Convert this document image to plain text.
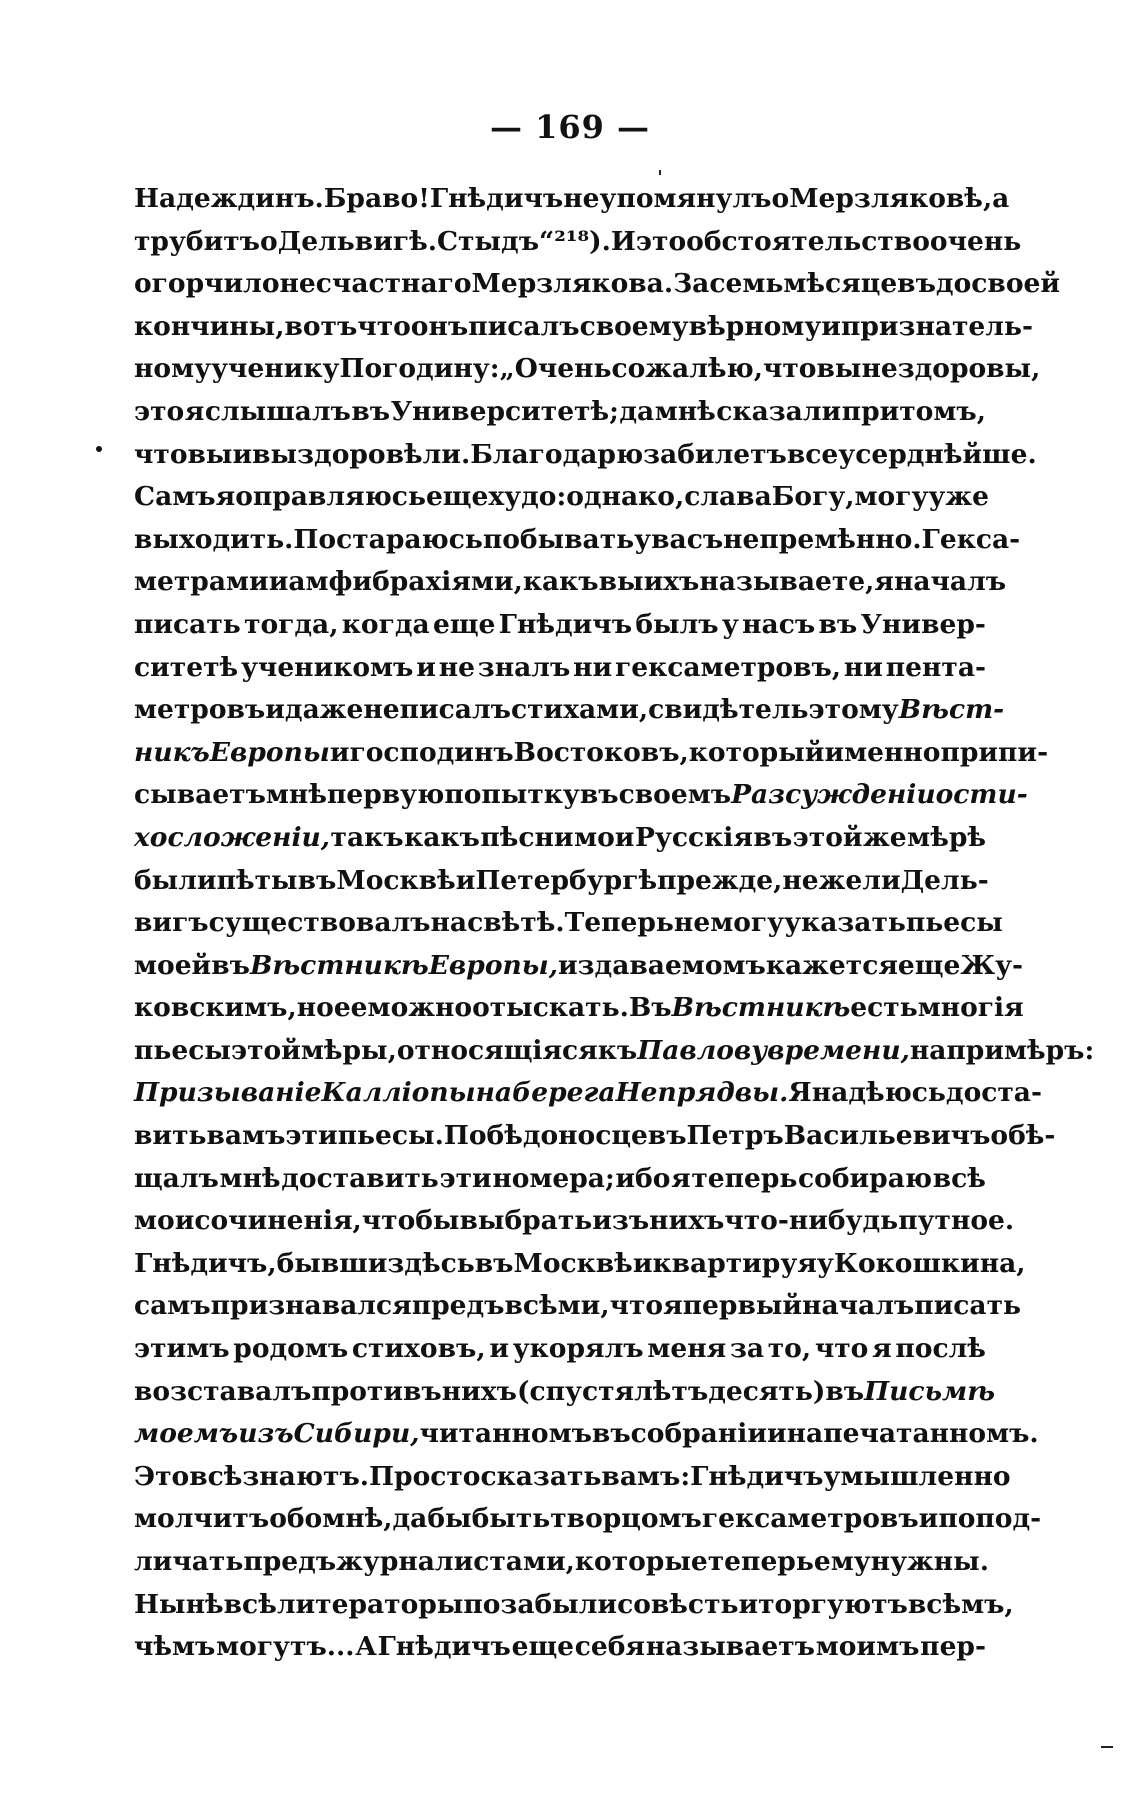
— 169 —
Надеждинъ. Браво! Гнѣдичъ не упомянулъ о Мерзляковѣ, а
трубитъ о Дельвигѣ. Стыдъ“ ²¹⁸). И это обстоятельство очень
огорчило несчастнаго Мерзлякова. За семь мѣсяцевъ до своей
кончины, вотъ что онъ писалъ своему вѣрному и признатель-
ному ученику Погодину: „Очень сожалѣю, что вы нездоровы,
это я слышалъ въ Университетѣ; да мнѣ сказали притомъ,
что вы и выздоровѣли. Благодарю за билетъ всеусерднѣйше.
Самъ я оправляюсь еще худо: однако, слава Богу, могу уже
выходить. Постараюсь побывать у васъ непремѣнно. Гекса-
метрами и амфибрахіями, какъ вы ихъ называете, я началъ
писать тогда, когда еще Гнѣдичъ былъ у насъ въ Универ-
ситетѣ ученикомъ и не зналъ ни гексаметровъ, ни пента-
метровъ и даже не писалъ стихами, свидѣтель этому Вѣст-
никъ Европы и господинъ Востоковъ, который именно припи-
сываетъ мнѣ первую попытку въ своемъ Разсужденіи о сти-
хосложеніи, такъ какъ пѣсни мои Русскія въ этой же мѣрѣ
были пѣты въ Москвѣ и Петербургѣ прежде, нежели Дель-
вигъ существовалъ на свѣтѣ. Теперь не могу указать пьесы
моей въ Вѣстникѣ Европы, издаваемомъ кажется еще Жу-
ковскимъ, но ее можно отыскать. Въ Вѣстникѣ есть многія
пьесы этой мѣры, относящіяся къ Павлову времени, напримѣръ:
Призываніе Калліопы на берега Непрядвы. Я надѣюсь доста-
вить вамъ эти пьесы. Побѣдоносцевъ Петръ Васильевичъ обѣ-
щалъ мнѣ доставить эти номера; ибо я теперь собираю всѣ
мои сочиненія, чтобы выбрать изъ нихъ что-нибудь путное.
Гнѣдичъ, бывши здѣсь въ Москвѣ и квартируя у Кокошкина,
самъ признавался предъ всѣми, что я первый началъ писать
этимъ родомъ стиховъ, и укорялъ меня за то, что я послѣ
возставалъ противъ нихъ (спустя лѣтъ десять) въ Письмѣ
моемъ изъ Сибири, читанномъ въ собраніи и напечатанномъ.
Это всѣ знаютъ. Просто сказать вамъ: Гнѣдичъ умышленно
молчитъ обо мнѣ, дабы быть творцомъ гексаметровъ и попод-
личать предъ журналистами, которые теперь ему нужны.
Нынѣ всѣ литераторы позабыли совѣсть и торгуютъ всѣмъ,
чѣмъ могутъ... А Гнѣдичъ еще себя называетъ моимъ пер-
